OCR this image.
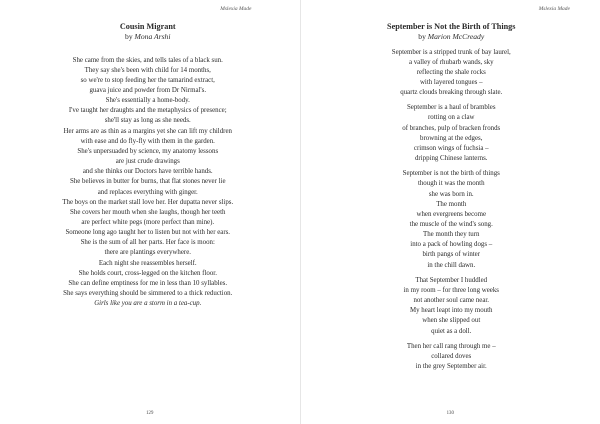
Mslexia Made

Cousin Migrant

by Mona Arshi

She came from the skies, and tells tales of a black sun.
They say she's been with child for 14 months,
so we're to stop feeding her the tamarind extract,
guava juice and powder from Dr Nirmal's.
She's essentially a home-body.
I've taught her draughts and the metaphysics of presence;
she'll stay as long as she needs.
Her arms are as thin as a margins yet she can lift my children
with ease and do fly-fly with them in the garden.
She's unpersuaded by science, my anatomy lessons
are just crude drawings
and she thinks our Doctors have terrible hands.
She believes in butter for burns, that flat stones never lie
and replaces everything with ginger.
The boys on the market stall love her. Her dupatta never slips.
She covers her mouth when she laughs, though her teeth
are perfect white pegs (more perfect than mine).
Someone long ago taught her to listen but not with her ears.
She is the sum of all her parts. Her face is moon:
there are plantings everywhere.
Each night she reassembles herself.
She holds court, cross-legged on the kitchen floor.
She can define emptiness for me in less than 10 syllables.
She says everything should be simmered to a thick reduction.
Girls like you are a storm in a tea-cup.
129
Mslexia Made

September is Not the Birth of Things

by Marion McCready

September is a stripped trunk of bay laurel,
a valley of rhubarb wands, sky
reflecting the shale rocks
with layered tongues –
quartz clouds breaking through slate.
September is a haul of brambles
rotting on a claw
of branches, pulp of bracken fronds
browning at the edges,
crimson wings of fuchsia –
dripping Chinese lanterns.
September is not the birth of things
though it was the month
she was born in.
The month
when evergreens become
the muscle of the wind's song.
The month they turn
into a pack of howling dogs –
birth pangs of winter
in the chill dawn.
That September I huddled
in my room – for three long weeks
not another soul came near.
My heart leapt into my mouth
when she slipped out
quiet as a doll.
Then her call rang through me –
collared doves
in the grey September air.
130
